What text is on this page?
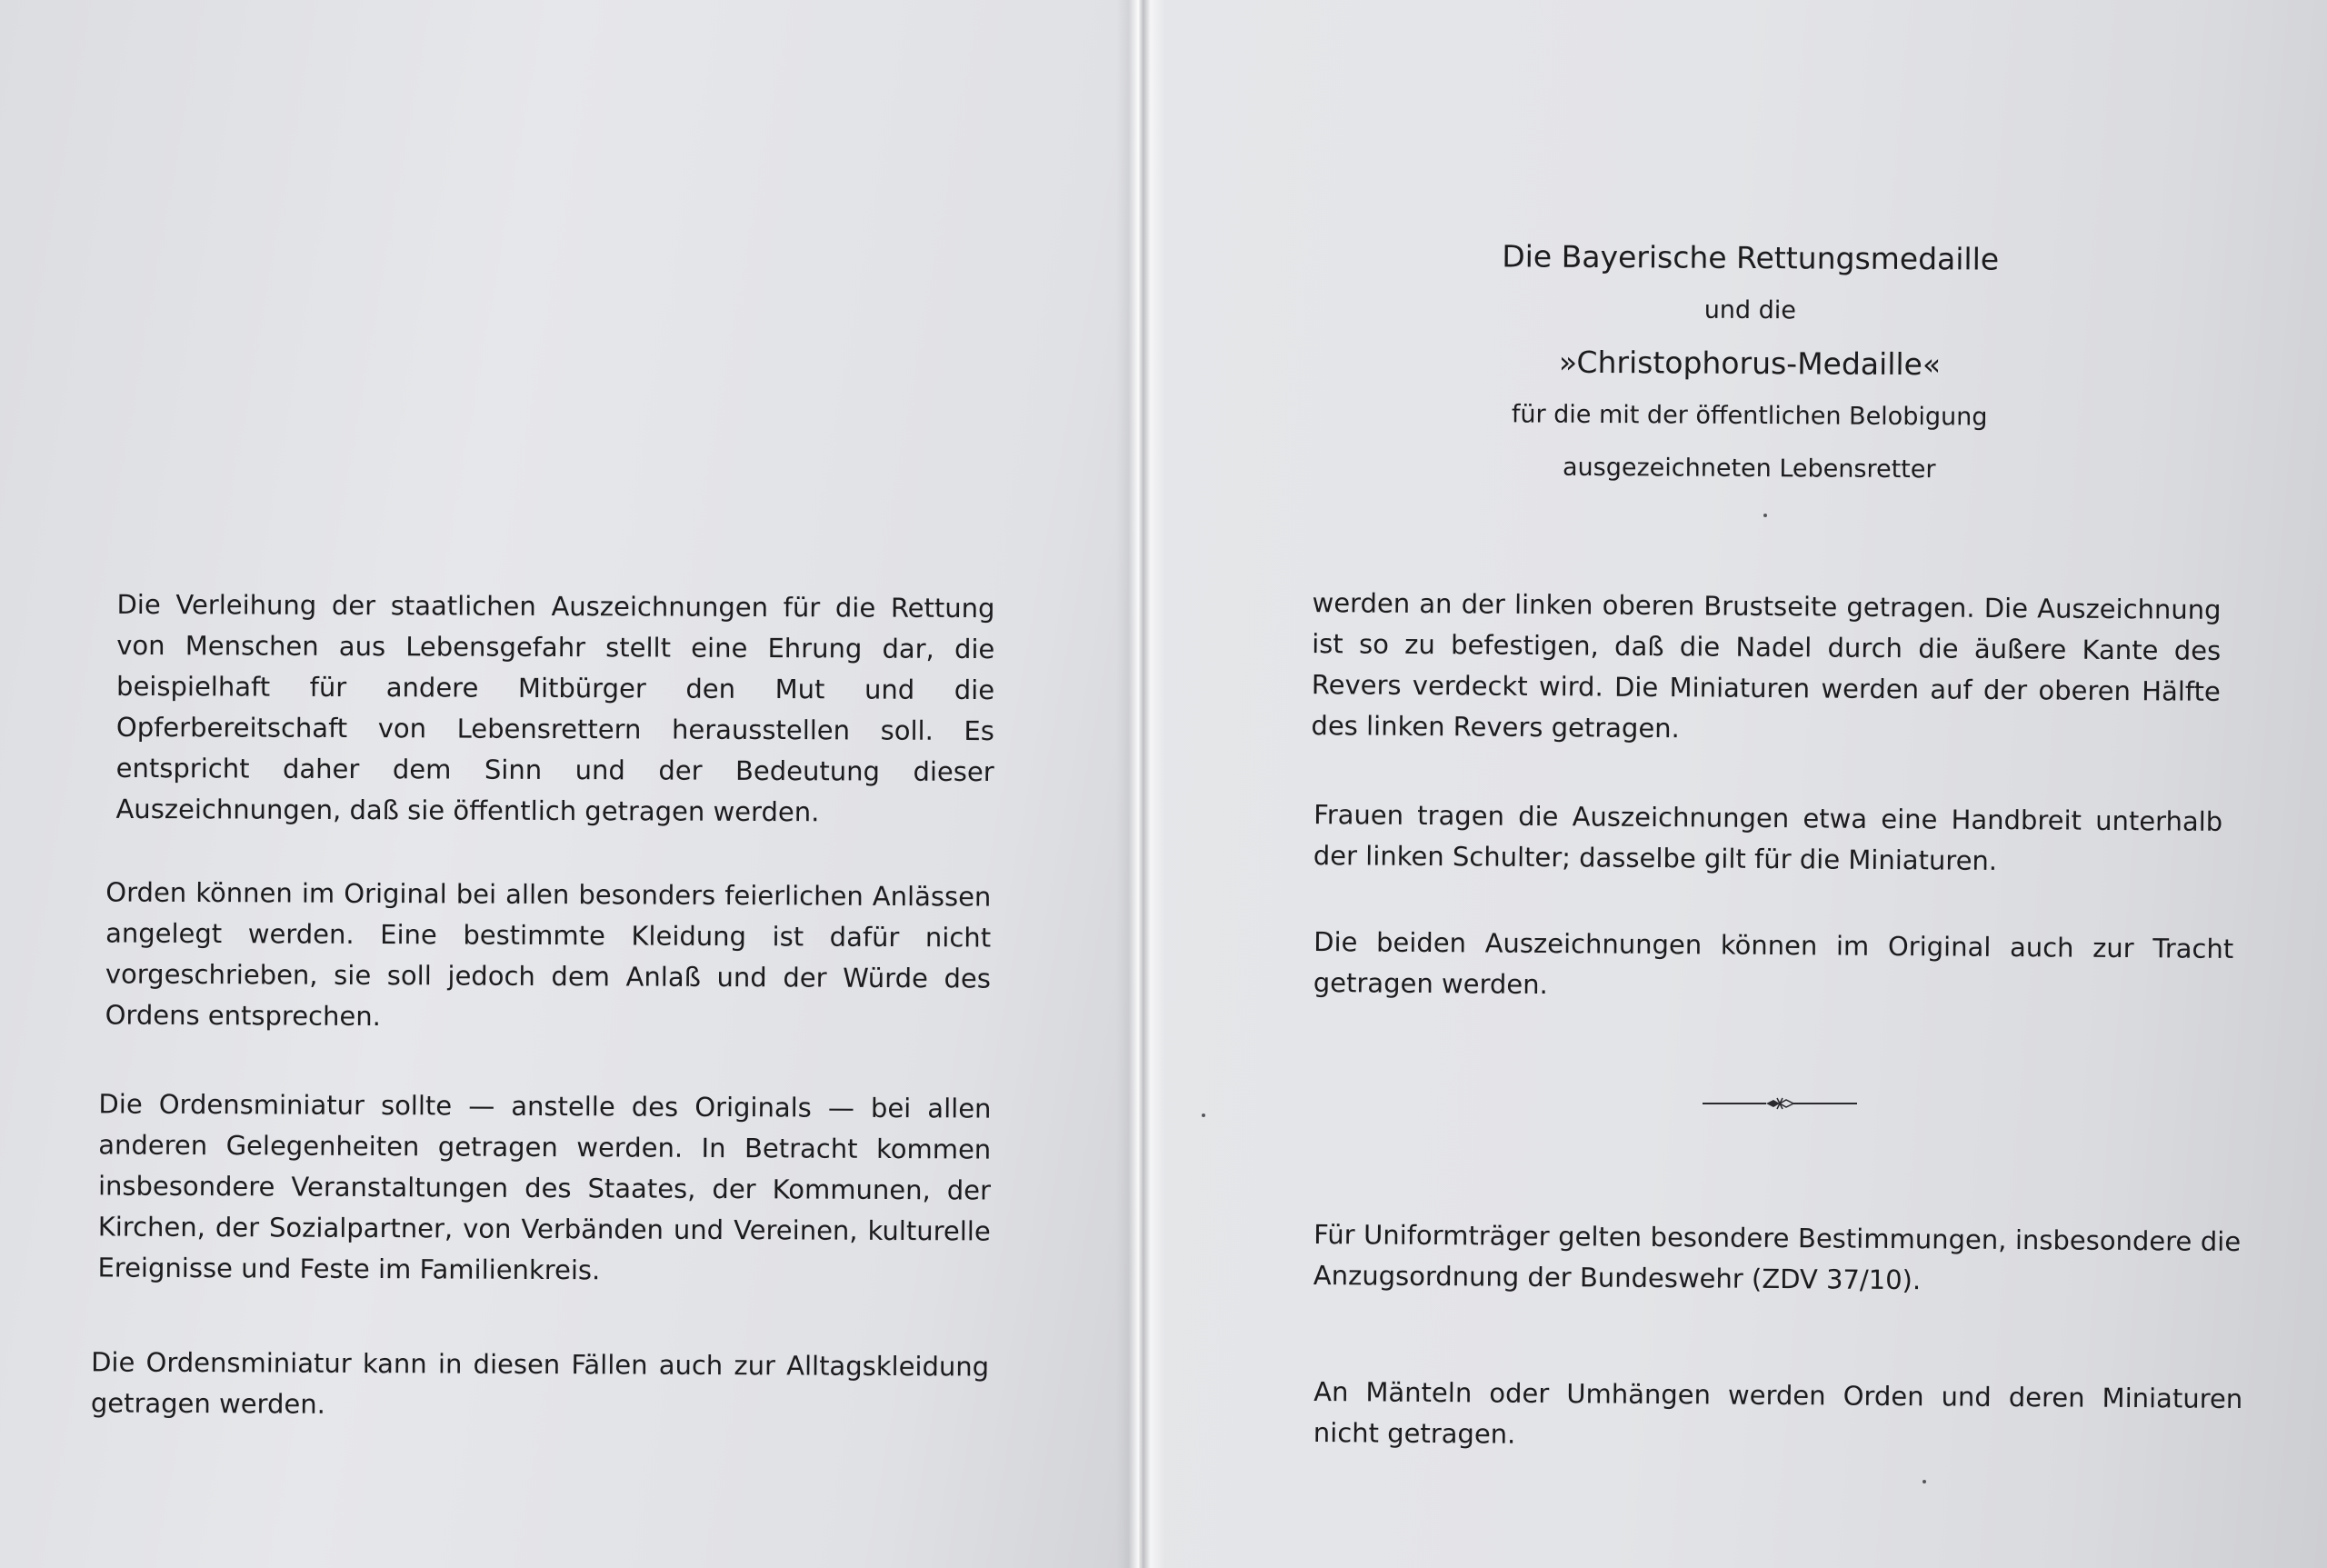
Die Verleihung der staatlichen Auszeichnungen für die Rettung von Menschen aus Lebensgefahr stellt eine Ehrung dar, die beispielhaft für andere Mitbürger den Mut und die Opferbereitschaft von Lebensrettern herausstellen soll. Es entspricht daher dem Sinn und der Bedeutung dieser Auszeichnungen, daß sie öffentlich getragen werden.

Orden können im Original bei allen besonders feierlichen Anlässen angelegt werden. Eine bestimmte Kleidung ist dafür nicht vorgeschrieben, sie soll jedoch dem Anlaß und der Würde des Ordens entsprechen.

Die Ordensminiatur sollte — anstelle des Originals — bei allen anderen Gelegenheiten getragen werden. In Betracht kommen insbesondere Veranstaltungen des Staates, der Kommunen, der Kirchen, der Sozialpartner, von Verbänden und Vereinen, kulturelle Ereignisse und Feste im Familienkreis.

Die Ordensminiatur kann in diesen Fällen auch zur Alltagskleidung getragen werden.

Die Bayerische Rettungsmedaille
und die
»Christophorus-Medaille«
für die mit der öffentlichen Belobigung
ausgezeichneten Lebensretter

werden an der linken oberen Brustseite getragen. Die Auszeichnung ist so zu befestigen, daß die Nadel durch die äußere Kante des Revers verdeckt wird. Die Miniaturen werden auf der oberen Hälfte des linken Revers getragen.

Frauen tragen die Auszeichnungen etwa eine Handbreit unterhalb der linken Schulter; dasselbe gilt für die Miniaturen.

Die beiden Auszeichnungen können im Original auch zur Tracht getragen werden.

Für Uniformträger gelten besondere Bestimmungen, insbesondere die Anzugsordnung der Bundeswehr (ZDV 37/10).

An Mänteln oder Umhängen werden Orden und deren Miniaturen nicht getragen.
